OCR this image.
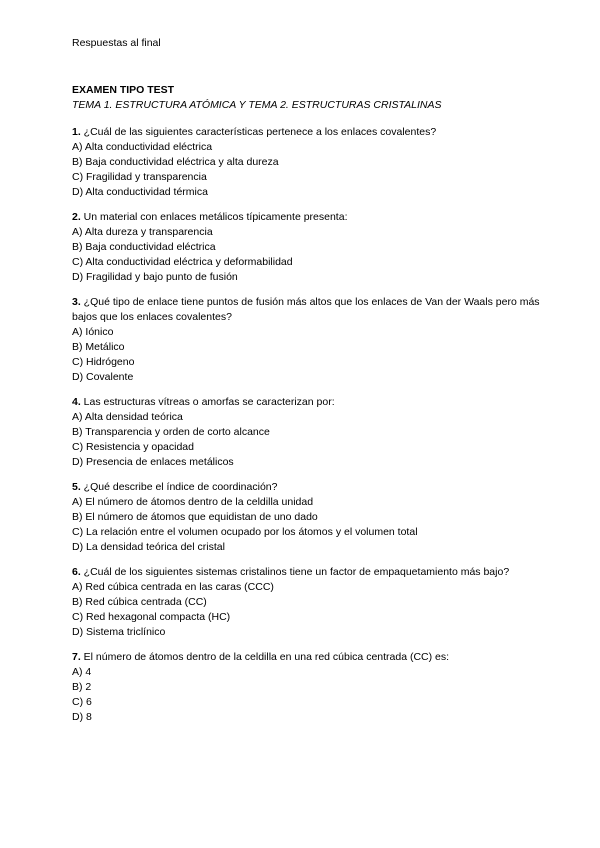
Respuestas al final
EXAMEN TIPO TEST
TEMA 1. ESTRUCTURA ATÓMICA Y TEMA 2. ESTRUCTURAS CRISTALINAS
1. ¿Cuál de las siguientes características pertenece a los enlaces covalentes?
A) Alta conductividad eléctrica
B) Baja conductividad eléctrica y alta dureza
C) Fragilidad y transparencia
D) Alta conductividad térmica
2. Un material con enlaces metálicos típicamente presenta:
A) Alta dureza y transparencia
B) Baja conductividad eléctrica
C) Alta conductividad eléctrica y deformabilidad
D) Fragilidad y bajo punto de fusión
3. ¿Qué tipo de enlace tiene puntos de fusión más altos que los enlaces de Van der Waals pero más bajos que los enlaces covalentes?
A) Iónico
B) Metálico
C) Hidrógeno
D) Covalente
4. Las estructuras vítreas o amorfas se caracterizan por:
A) Alta densidad teórica
B) Transparencia y orden de corto alcance
C) Resistencia y opacidad
D) Presencia de enlaces metálicos
5. ¿Qué describe el índice de coordinación?
A) El número de átomos dentro de la celdilla unidad
B) El número de átomos que equidistan de uno dado
C) La relación entre el volumen ocupado por los átomos y el volumen total
D) La densidad teórica del cristal
6. ¿Cuál de los siguientes sistemas cristalinos tiene un factor de empaquetamiento más bajo?
A) Red cúbica centrada en las caras (CCC)
B) Red cúbica centrada (CC)
C) Red hexagonal compacta (HC)
D) Sistema triclínico
7. El número de átomos dentro de la celdilla en una red cúbica centrada (CC) es:
A) 4
B) 2
C) 6
D) 8
